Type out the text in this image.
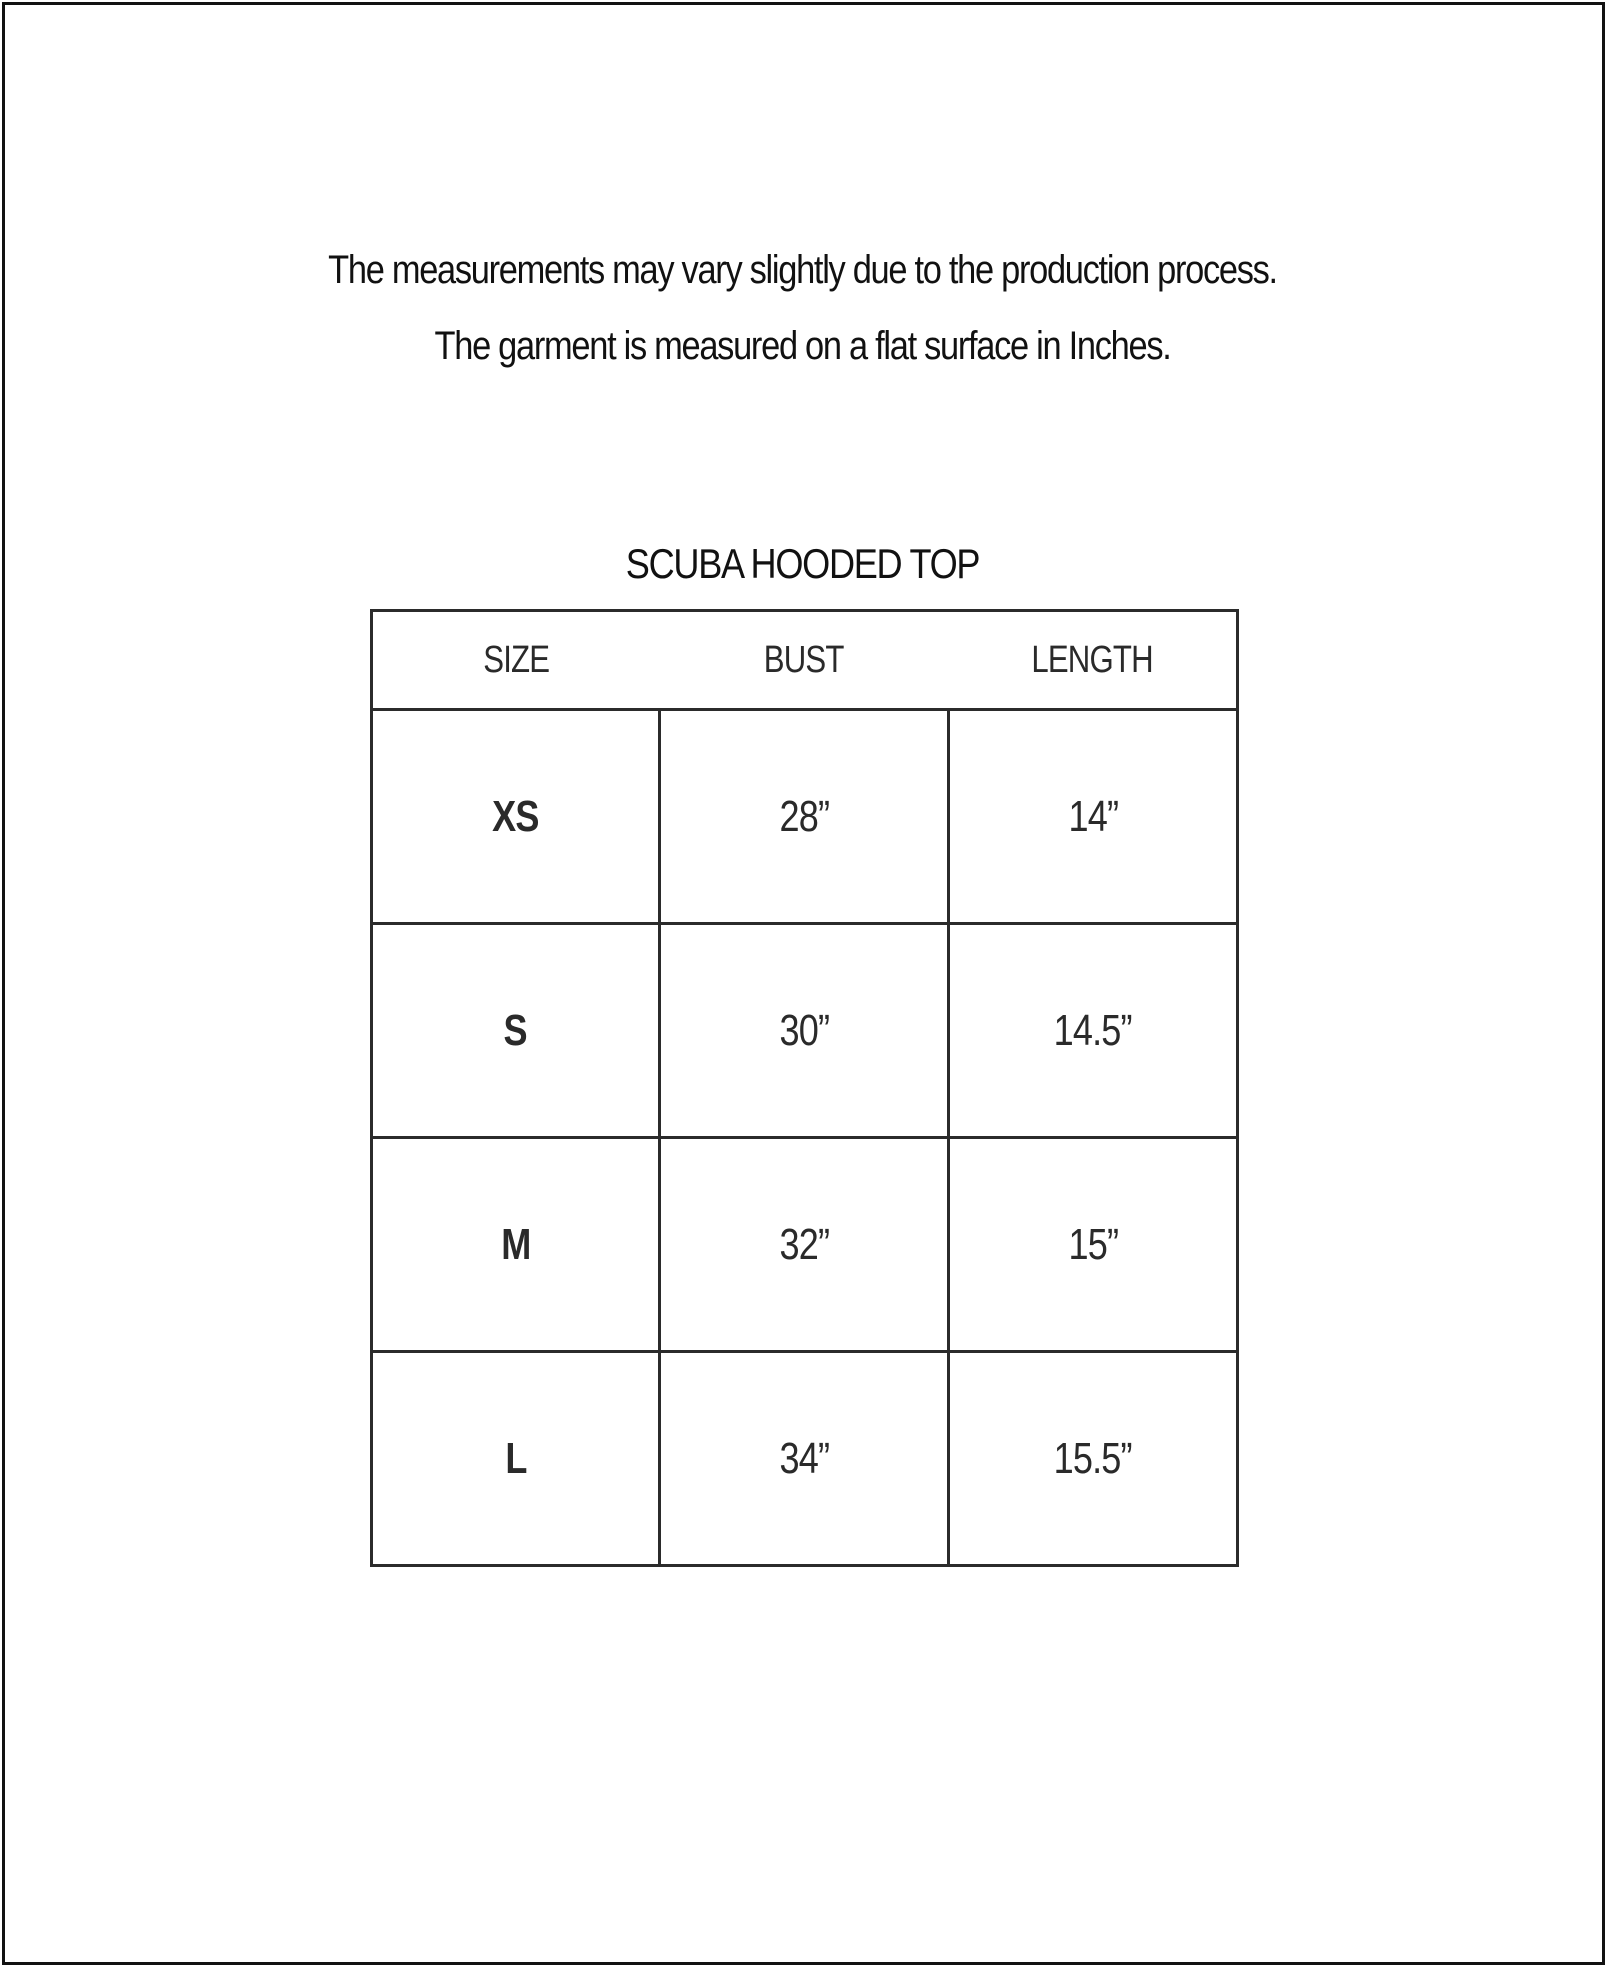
The measurements may vary slightly due to the production process.
The garment is measured on a flat surface in Inches.
SCUBA HOODED TOP
SIZE	BUST	LENGTH
XS	28”	14”
S	30”	14.5”
M	32”	15”
L	34”	15.5”
